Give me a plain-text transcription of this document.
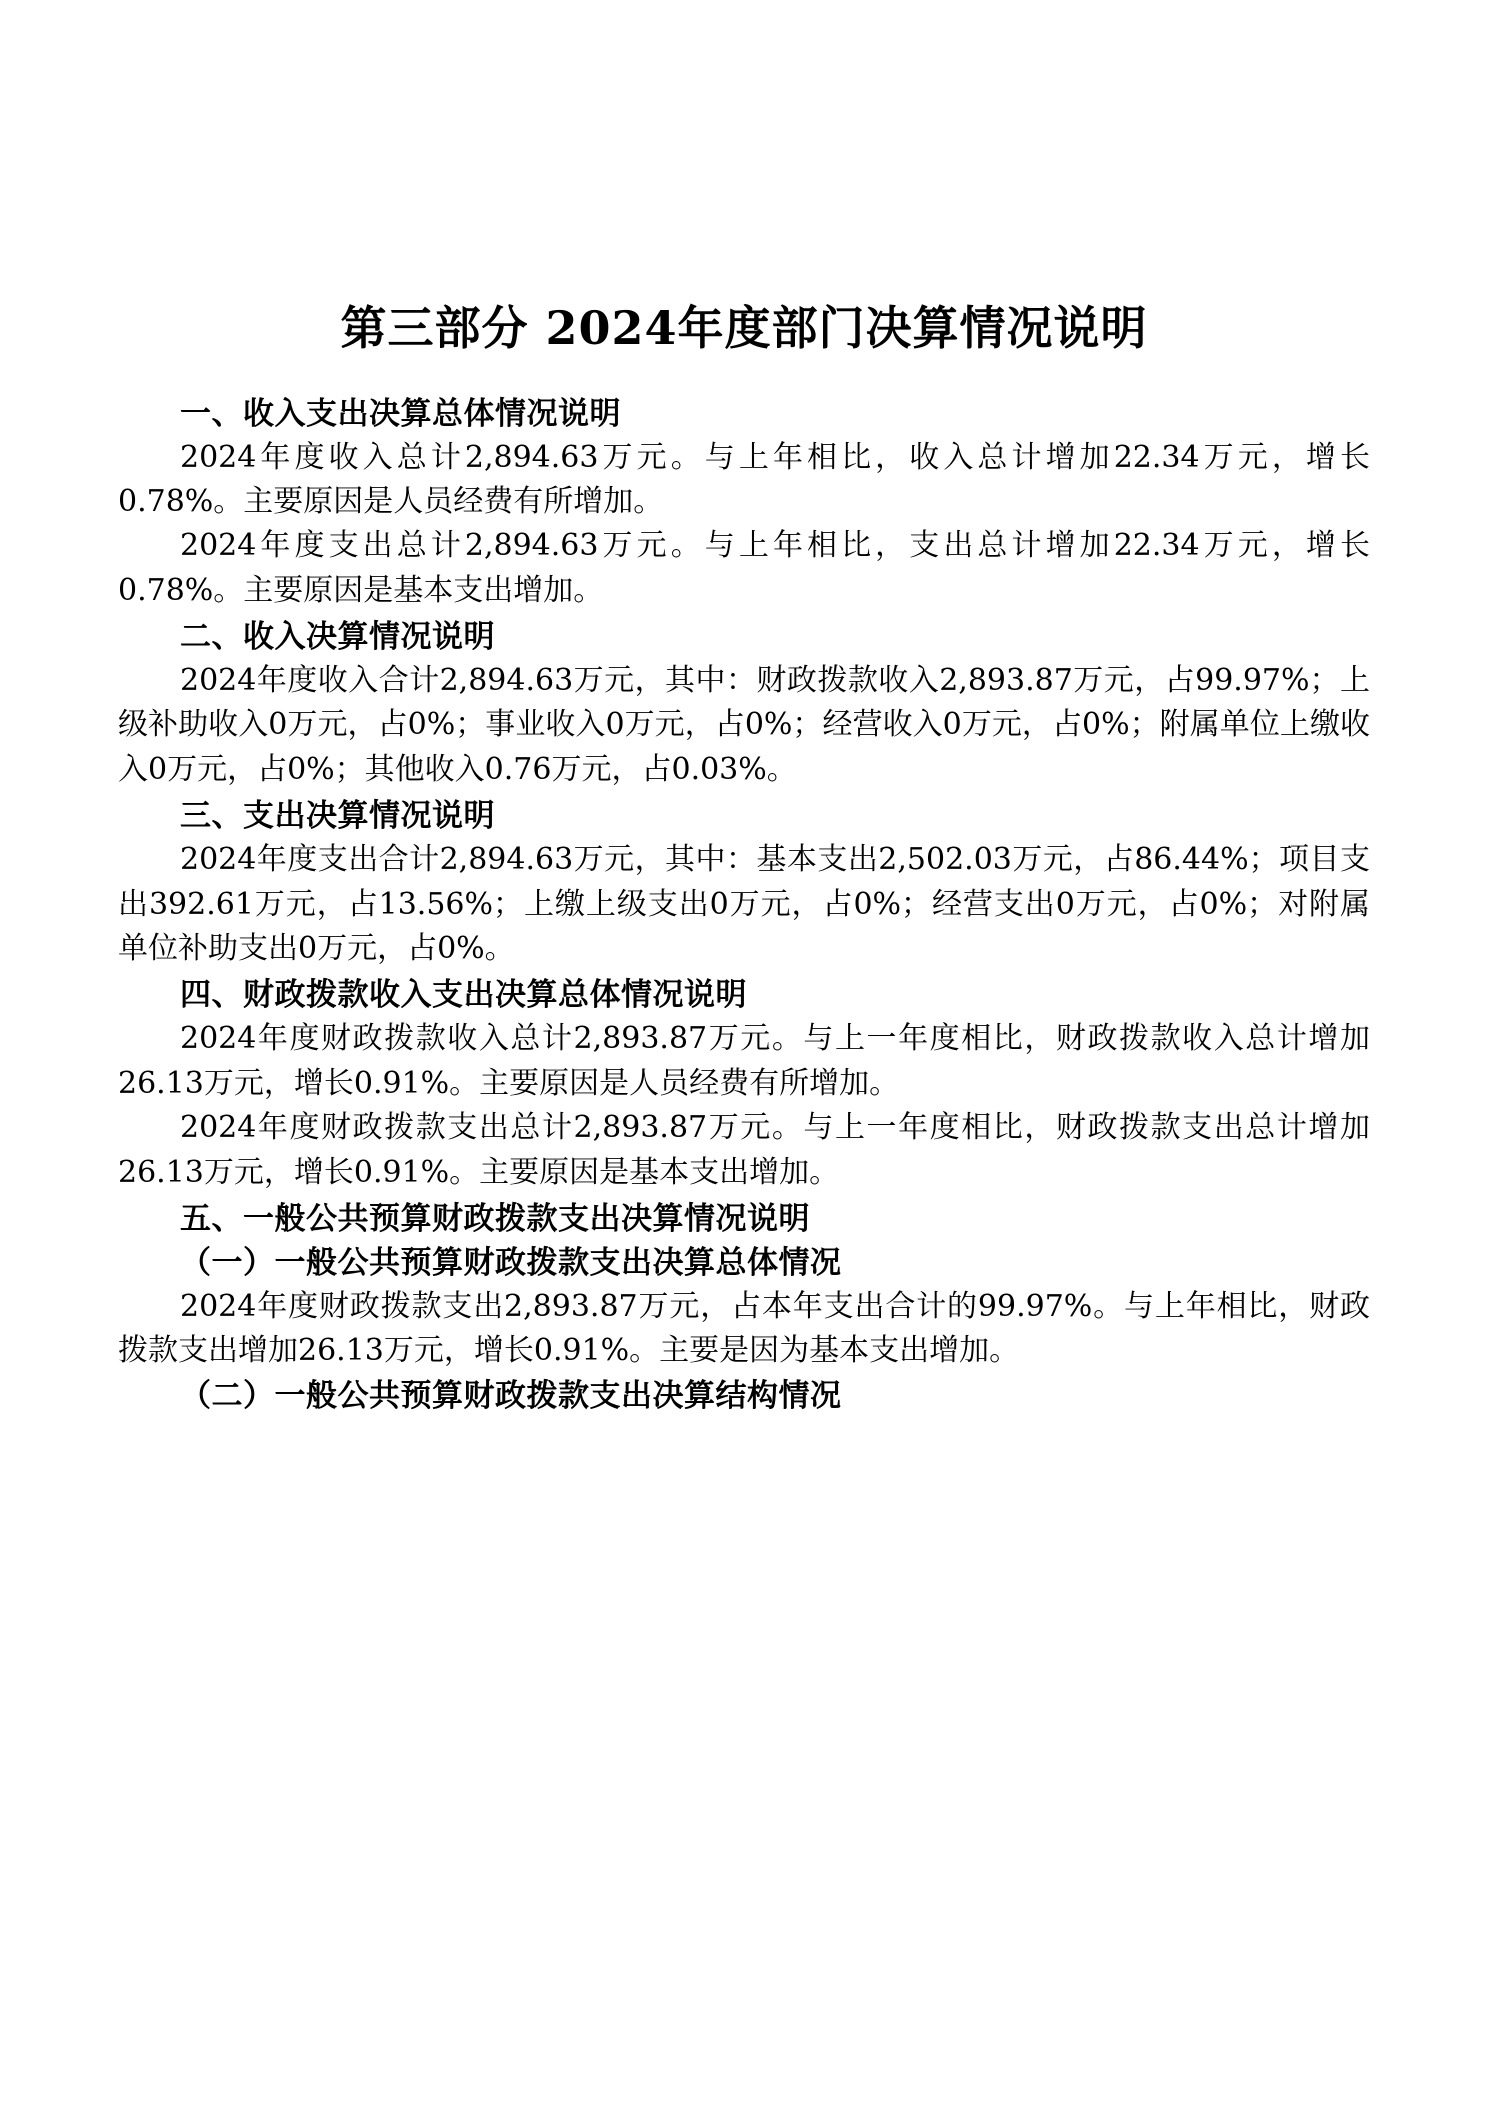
第三部分 2024年度部门决算情况说明
一、收入支出决算总体情况说明

2024年度收入总计2,894.63万元。与上年相比，收入总计增加22.34万元，增长0.78%。主要原因是人员经费有所增加。

2024年度支出总计2,894.63万元。与上年相比，支出总计增加22.34万元，增长0.78%。主要原因是基本支出增加。

二、收入决算情况说明

2024年度收入合计2,894.63万元，其中：财政拨款收入2,893.87万元，占99.97%；上级补助收入0万元，占0%；事业收入0万元，占0%；经营收入0万元，占0%；附属单位上缴收入0万元，占0%；其他收入0.76万元，占0.03%。

三、支出决算情况说明

2024年度支出合计2,894.63万元，其中：基本支出2,502.03万元，占86.44%；项目支出392.61万元，占13.56%；上缴上级支出0万元，占0%；经营支出0万元，占0%；对附属单位补助支出0万元，占0%。

四、财政拨款收入支出决算总体情况说明

2024年度财政拨款收入总计2,893.87万元。与上一年度相比，财政拨款收入总计增加26.13万元，增长0.91%。主要原因是人员经费有所增加。

2024年度财政拨款支出总计2,893.87万元。与上一年度相比，财政拨款支出总计增加26.13万元，增长0.91%。主要原因是基本支出增加。

五、一般公共预算财政拨款支出决算情况说明
（一）一般公共预算财政拨款支出决算总体情况

2024年度财政拨款支出2,893.87万元，占本年支出合计的99.97%。与上年相比，财政拨款支出增加26.13万元，增长0.91%。主要是因为基本支出增加。

（二）一般公共预算财政拨款支出决算结构情况
